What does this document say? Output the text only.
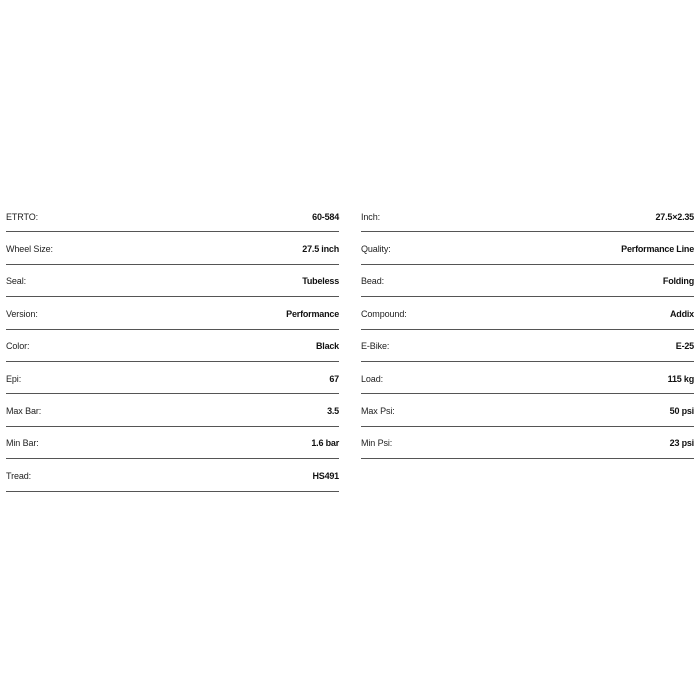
ETRTO:	60-584
Wheel Size:	27.5 inch
Seal:	Tubeless
Version:	Performance
Color:	Black
Epi:	67
Max Bar:	3.5
Min Bar:	1.6 bar
Tread:	HS491
Inch:	27.5×2.35
Quality:	Performance Line
Bead:	Folding
Compound:	Addix
E-Bike:	E-25
Load:	115 kg
Max Psi:	50 psi
Min Psi:	23 psi
